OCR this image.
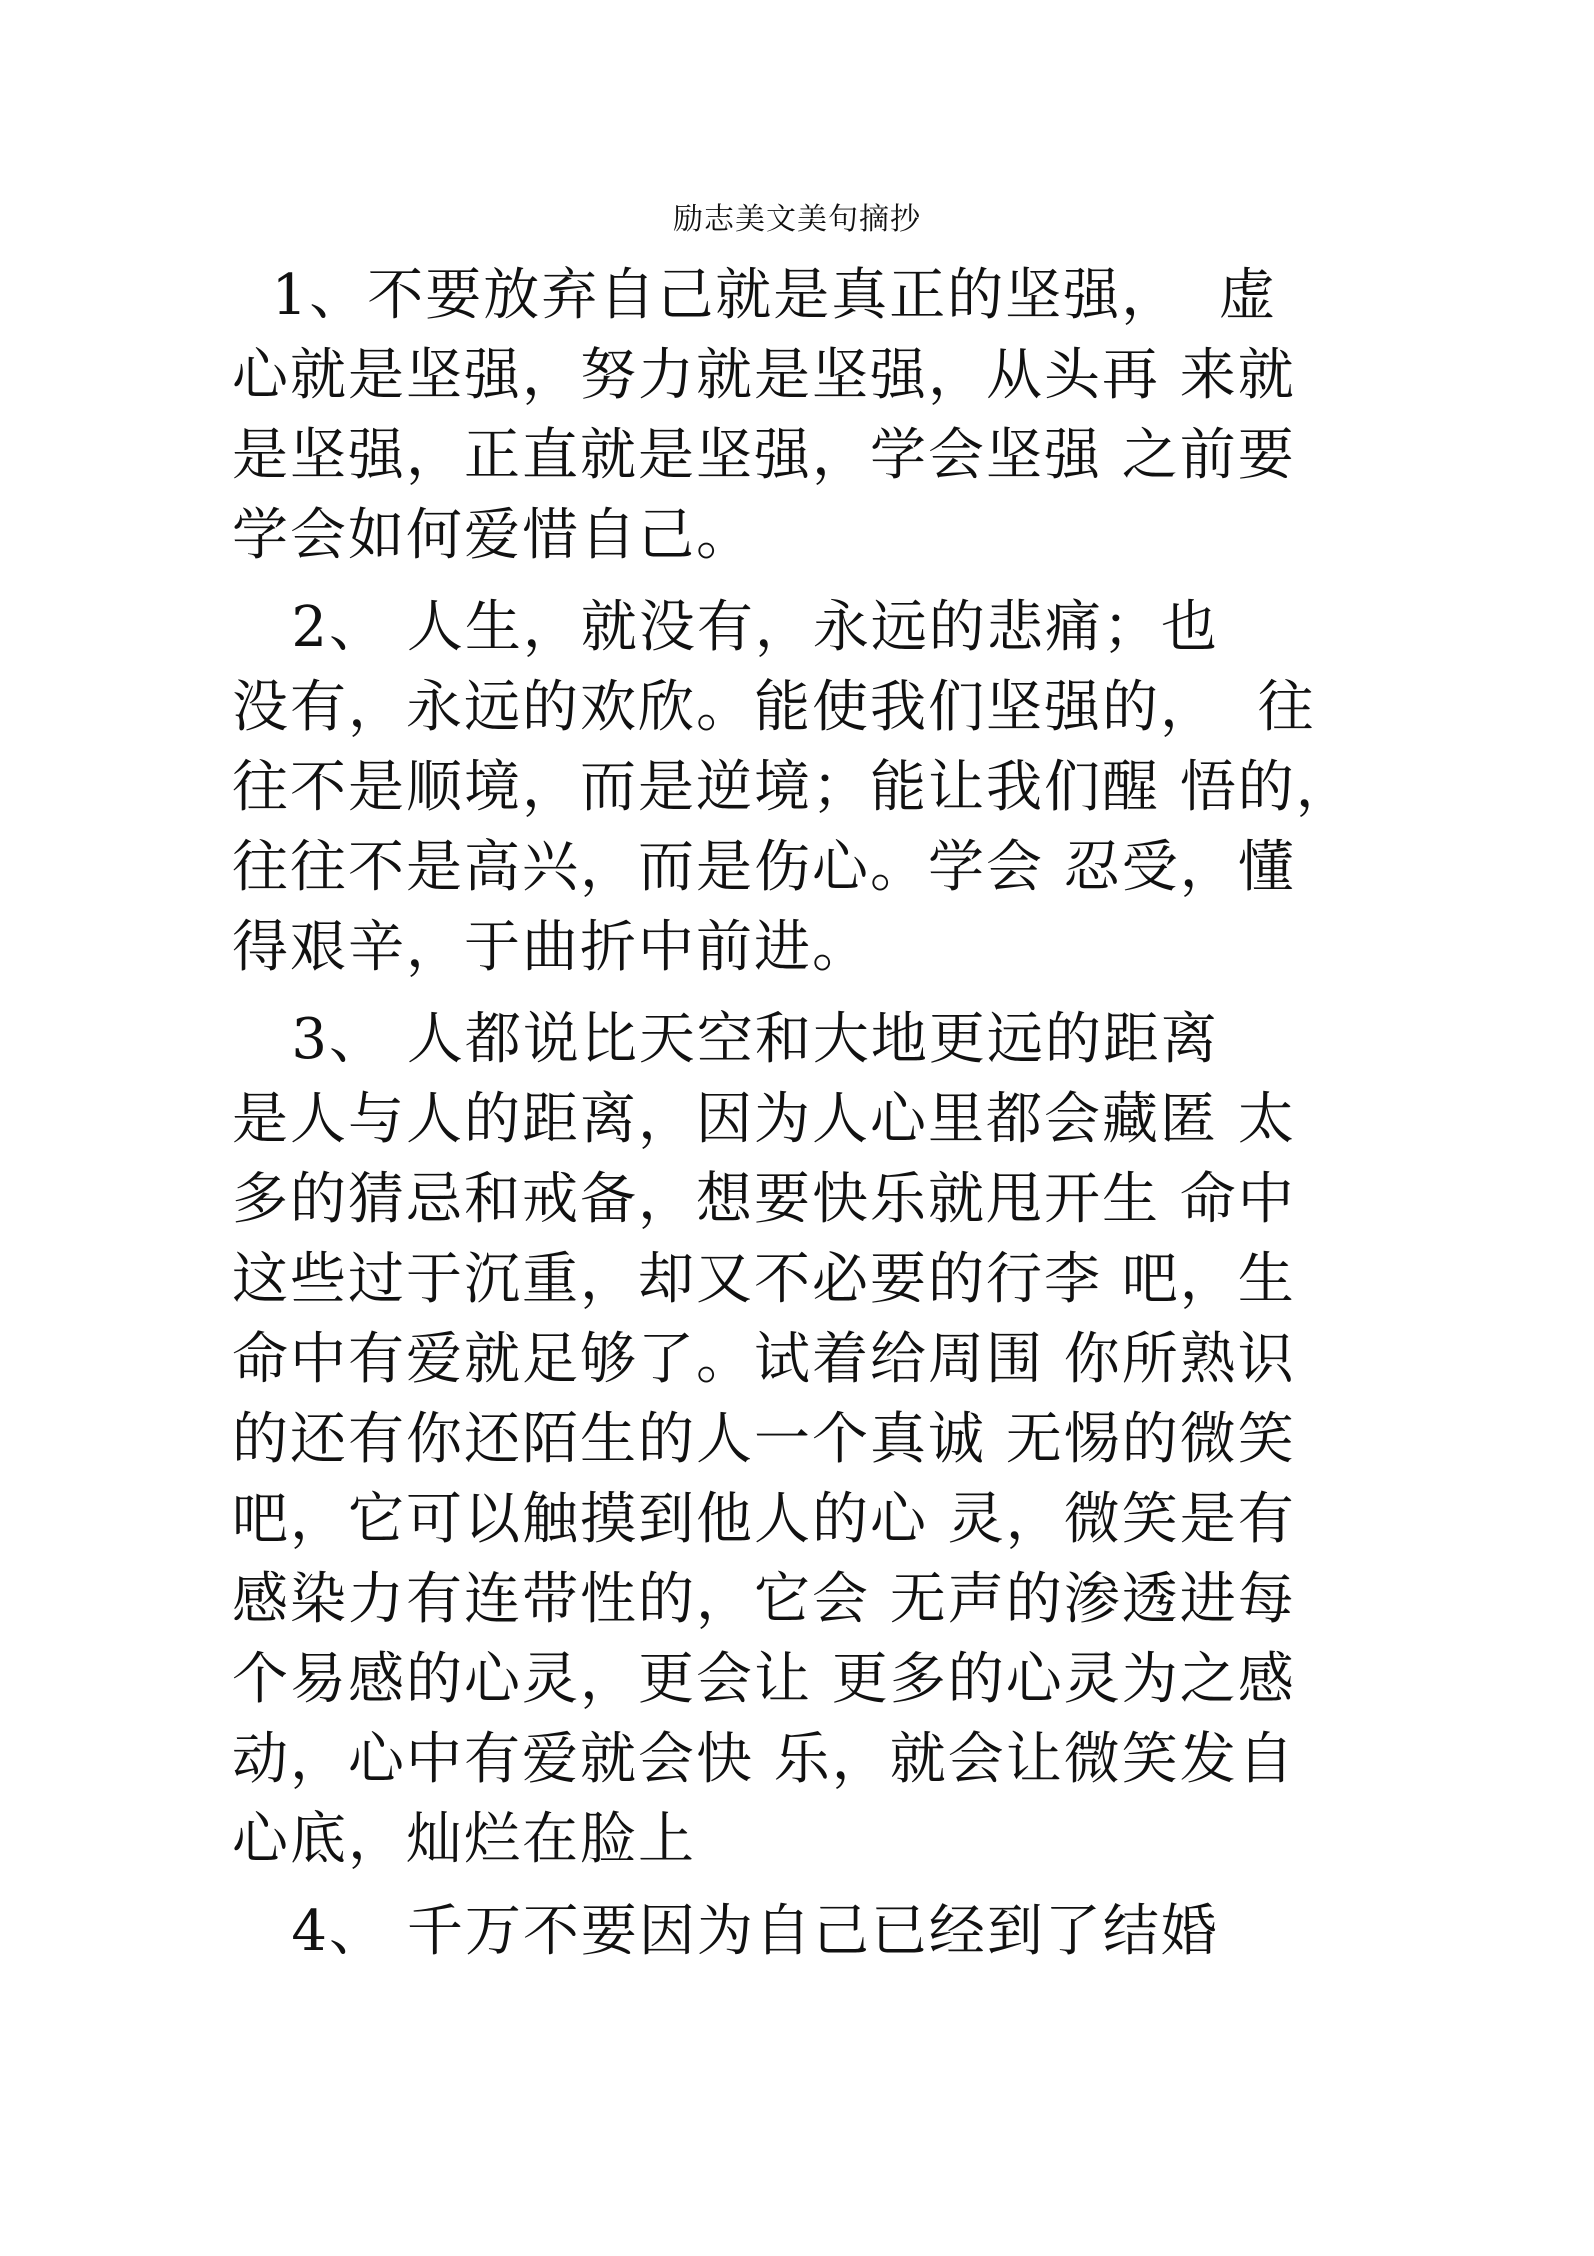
励志美文美句摘抄
1、不要放弃自己就是真正的坚强，  虚
心就是坚强，努力就是坚强，从头再 来就
是坚强，正直就是坚强，学会坚强 之前要
学会如何爱惜自己。
2、 人生，就没有，永远的悲痛；也
没有，永远的欢欣。能使我们坚强的，  往
往不是顺境，而是逆境；能让我们醒 悟的，
往往不是高兴，而是伤心。学会 忍受，懂
得艰辛，于曲折中前进。
3、 人都说比天空和大地更远的距离
是人与人的距离，因为人心里都会藏匿 太
多的猜忌和戒备，想要快乐就甩开生 命中
这些过于沉重，却又不必要的行李 吧，生
命中有爱就足够了。试着给周围 你所熟识
的还有你还陌生的人一个真诚 无惕的微笑
吧，它可以触摸到他人的心 灵，微笑是有
感染力有连带性的，它会 无声的渗透进每
个易感的心灵，更会让 更多的心灵为之感
动，心中有爱就会快 乐，就会让微笑发自
心底，灿烂在脸上
4、 千万不要因为自己已经到了结婚
